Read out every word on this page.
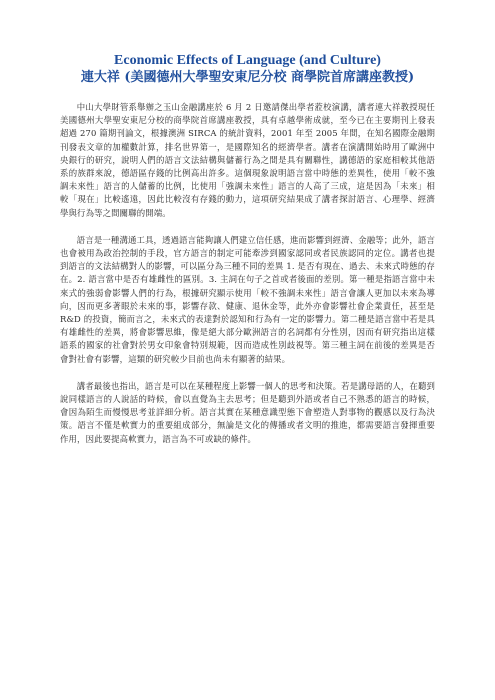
Economic Effects of Language (and Culture)
連大祥 (美國德州大學聖安東尼分校 商學院首席講座教授)

中山大學財管系舉辦之玉山金融講座於 6 月 2 日邀請傑出學者蒞校演講，講者連大祥教授現任美國德州大學聖安東尼分校的商學院首席講座教授，具有卓越學術成就，至今已在主要期刊上發表超過 270 篇期刊論文，根據澳洲 SIRCA 的統計資料，2001 年至 2005 年間，在知名國際金融期刊發表文章的加權數計算，排名世界第一，是國際知名的經濟學者。講者在演講開始時用了歐洲中央銀行的研究，說明人們的語言文法結構與儲蓄行為之間是具有關聯性，講德語的家庭相較其他語系的族群來說，德語區存錢的比例高出許多。這個現象說明語言當中時態的差異性，使用「較不強調未來性」語言的人儲蓄的比例，比使用「強調未來性」語言的人高了三成，這是因為「未來」相較「現在」比較遙遠，因此比較沒有存錢的動力，這項研究結果成了講者探討語言、心理學、經濟學與行為等之間關聯的開端。

語言是一種溝通工具，透過語言能夠讓人們建立信任感，進而影響到經濟、金融等；此外，語言也會被用為政治控制的手段，官方語言的制定可能牽涉到國家認同或者民族認同的定位。講者也提到語言的文法結構對人的影響，可以區分為三種不同的差異 1. 是否有現在、過去、未來式時態的存在。2. 語言當中是否有雄雌性的區別。3. 主詞在句子之首或者後面的差別。第一種是指語言當中未來式的強弱會影響人們的行為，根據研究顯示使用「較不強調未來性」語言會讓人更加以未來為導向，因而更多著眼於未來的事，影響存款、健康、退休金等，此外亦會影響社會企業責任，甚至是 R&D 的投資，簡而言之，未來式的表達對於認知和行為有一定的影響力。第二種是語言當中若是具有雄雌性的差異，將會影響思維，像是絕大部分歐洲語言的名詞都有分性別，因而有研究指出這樣語系的國家的社會對於男女印象會特別規範，因而造成性別歧視等。第三種主詞在前後的差異是否會對社會有影響，這類的研究較少目前也尚未有顯著的結果。

講者最後也指出，語言是可以在某種程度上影響一個人的思考和決策。若是講母語的人，在聽到說同樣語言的人說話的時候，會以直覺為主去思考；但是聽到外語或者自己不熟悉的語言的時候，會因為陌生而慢慢思考並詳細分析。語言其實在某種意識型態下會塑造人對事物的觀感以及行為決策。語言不僅是軟實力的重要組成部分，無論是文化的傳播或者文明的推進，都需要語言發揮重要作用，因此要提高軟實力，語言為不可或缺的條件。
